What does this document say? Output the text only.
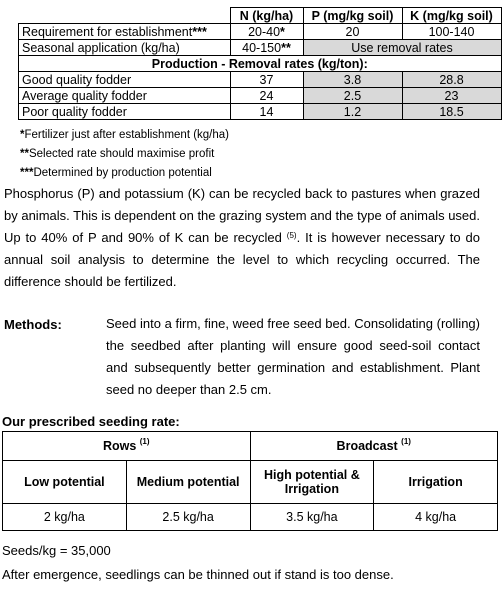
	N (kg/ha)	P (mg/kg soil)	K (mg/kg soil)
Requirement for establishment***	20-40*	20	100-140
Seasonal application (kg/ha)	40-150**	Use removal rates	
Production - Removal rates (kg/ton):			
Good quality fodder	37	3.8	28.8
Average quality fodder	24	2.5	23
Poor quality fodder	14	1.2	18.5
*Fertilizer just after establishment (kg/ha)
**Selected rate should maximise profit
***Determined by production potential
Phosphorus (P) and potassium (K) can be recycled back to pastures when grazed by animals. This is dependent on the grazing system and the type of animals used. Up to 40% of P and 90% of K can be recycled $^{(5)}$. It is however necessary to do annual soil analysis to determine the level to which recycling occurred. The difference should be fertilized.
Methods:	Seed into a firm, fine, weed free seed bed. Consolidating (rolling) the seedbed after planting will ensure good seed-soil contact and subsequently better germination and establishment. Plant seed no deeper than 2.5 cm.
Our prescribed seeding rate:
Rows $^{(1)}$		Broadcast $^{(1)}$
Low potential	Medium potential	High potential & Irrigation	Irrigation
2 kg/ha	2.5 kg/ha	3.5 kg/ha	4 kg/ha
Seeds/kg = 35,000
After emergence, seedlings can be thinned out if stand is too dense.
